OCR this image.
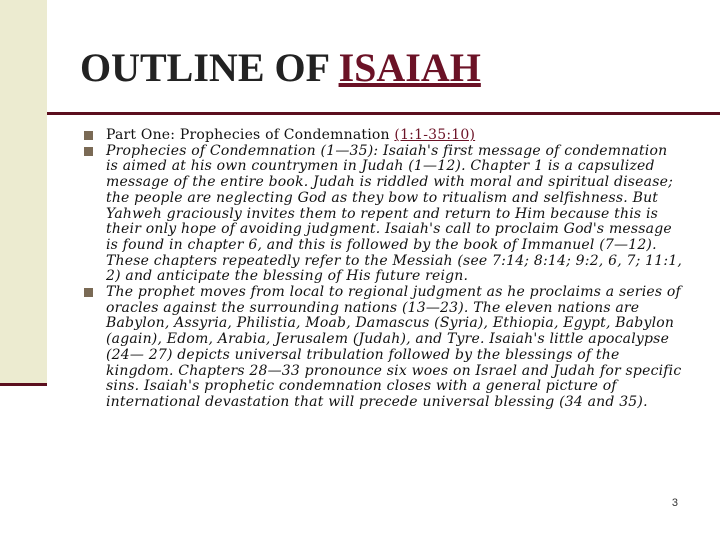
OUTLINE OF ISAIAH
Part One: Prophecies of Condemnation (1:1-35:10)
Prophecies of Condemnation (1—35): Isaiah's first message of condemnation is aimed at his own countrymen in Judah (1—12). Chapter 1 is a capsulized message of the entire book. Judah is riddled with moral and spiritual disease; the people are neglecting God as they bow to ritualism and selfishness. But Yahweh graciously invites them to repent and return to Him because this is their only hope of avoiding judgment. Isaiah's call to proclaim God's message is found in chapter 6, and this is followed by the book of Immanuel (7—12). These chapters repeatedly refer to the Messiah (see 7:14; 8:14; 9:2, 6, 7; 11:1, 2) and anticipate the blessing of His future reign.
The prophet moves from local to regional judgment as he proclaims a series of oracles against the surrounding nations (13—23). The eleven nations are Babylon, Assyria, Philistia, Moab, Damascus (Syria), Ethiopia, Egypt, Babylon (again), Edom, Arabia, Jerusalem (Judah), and Tyre. Isaiah's little apocalypse (24— 27) depicts universal tribulation followed by the blessings of the kingdom. Chapters 28—33 pronounce six woes on Israel and Judah for specific sins. Isaiah's prophetic condemnation closes with a general picture of international devastation that will precede universal blessing (34 and 35).
3
